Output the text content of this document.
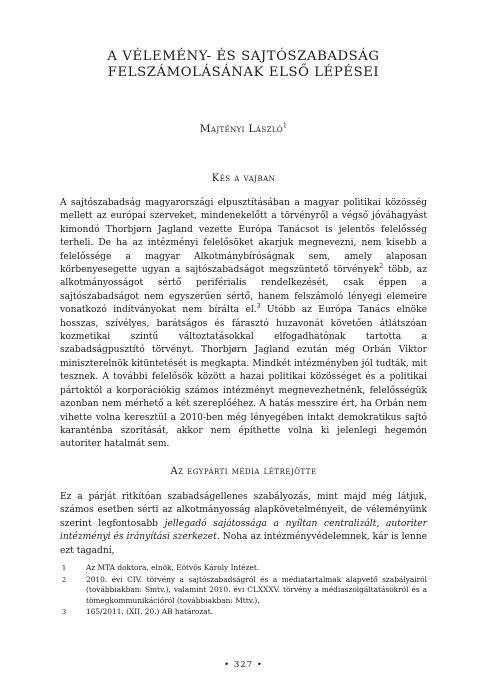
A VÉLEMÉNY- ÉS SAJTÓSZABADSÁG
FELSZÁMOLÁSÁNAK ELSŐ LÉPÉSEI
Majtényi László$^1$
Kés a vajban

A sajtószabadság magyarországi elpusztításában a magyar politikai közösség mellett az európai szerveket, mindenekelőtt a törvényről a végső jóváhagyást kimondó Thorbjørn Jagland vezette Európa Tanácsot is jelentős felelősség terheli. De ha az intézményi felelősöket akarjuk megnevezni, nem kisebb a felelőssége a magyar Alkotmánybíróságnak sem, amely alaposan körbenyesegette ugyan a sajtószabadságot megszüntető törvények$^2$ több, az alkotmányosságot sértő periférialis rendelkezését, csak éppen a sajtószabadságot nem egyszerűen sértő, hanem felszámoló lényegi elemeire vonatkozó indítványokat nem bírálta el.$^3$ Utóbb az Európa Tanács elnöke hosszas, szívélyes, barátságos és fárasztó huzavonát követően átlátszóan kozmetikai szintű változtatásokkal elfogadhatónak tartotta a szabadságpusztító törvényt. Thorbjørn Jagland ezután még Orbán Viktor miniszterelnök kitüntetését is megkapta. Mindkét intézményben jól tudták, mit tesznek. A további felelősök között a hazai politikai közösséget és a politikai pártoktól a korporációkig számos intézményt megnevezhetnénk, felelősségük azonban nem mérhető a két szereplőéhez. A hatás messzire ért, ha Orbán nem vihette volna keresztül a 2010-ben még lényegében intakt demokratikus sajtó karanténba szorítását, akkor nem építhette volna ki jelenlegi hegemón autoriter hatalmát sem.

Az egypárti média létrejötte

Ez a párját ritkítóan szabadságellenes szabályozás, mint majd még látjuk, számos esetben sérti az alkotmányosság alapkövetelményeit, de véleményünk szerint legfontosabb jellegadó sajátossága a nyíltan centralizált, autoriter intézményi és irányítási szerkezet. Noha az intézményvédelemnek, kár is lenne ezt tagadni,

1	Az MTA doktora, elnök, Eötvös Károly Intézet.
2	2010. évi CIV. törvény a sajtószabadságról és a médiatartalmak alapvető szabályairól (továbbiakban: Smtv.), valamint 2010. évi CLXXXV. törvény a médiaszolgáltatásokról és a tömegkommunikációról (továbbiakban: Mttv.).
3	165/2011. (XII. 20.) AB határozat.
• 327 •
